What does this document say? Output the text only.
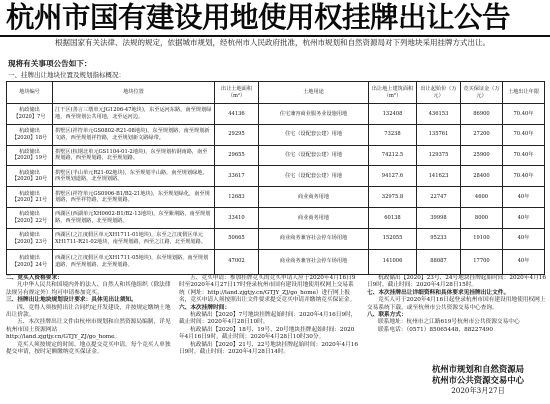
杭州市国有建设用地使用权挂牌出让公告
根据国家有关法律、法规的规定，依据城市规划，经杭州市人民政府批准，杭州市规划和自然资源局对下列地块采用挂牌方式出让。
现将有关事项公告如下：
一、挂牌出让地块位置及规划指标概况：
地块编号	地块位置	出让土地面积（m²）	土地用途	出让地上建筑面积（m²）	出让起始价（万元）	竞买保证金（万元）	土地出让年限
杭政储出【2020】7号	江干区(善言三墩单元JG1206-47地块)，东至运河东路，南至规划绿地，西至规划公共用地，北至运河边。	44136	住宅兼容商业服务业设施用地	132408	436153	86900	70.40年
杭政储出【2020】18号	拱墅区(祥符单元GS0802-R21-08地块)，东至规划路，南至规划新文路，西至规划祥符路，北至规划新文路绿带。	29295	住宅（设配套公建）用地	73238	135761	27200	70.40年
杭政储出【2020】19号	拱墅区(杭钢北单元GS1104-01-2地块)，东至规划杭钢南路，南至规划路，西至规划路，北至规划路。	29655	住宅（设配套公建）用地	74212.5	129375	25900	70.40年
杭政储出【2020】20号	拱墅区(半山单元R21-02地块)，东至规划半山路，南至规划绿地，西至规划道路，北至规划路。	33617	住宅（设配套公建）用地	94127.6	141623	28400	70.40年
杭政储出【2020】21号	拱墅区(祥符单元GS0906-B1/B2-21地块)，东至规划绿化，南至规划路，西至祥符路，北至规划路。	12683	商业商务用地	32975.8	22747	4600	40年
杭政储出【2020】22号	西湖区(西湖单元XH0602-B1/B2-13地块)，东至紫荆路，南至规划路，西至规划路，北至规划路。	33410	商业商务用地	60138	39998	8000	40年
杭政储出【2020】23号	西湖区(之江度假区单元XH1711-01地块)，东至之江度假区单元XH1711-R21-02地块，南至规划路，西至之江路，北至规划路。	50665	商业商务兼容社会停车场用地	152055	95233	19100	40年
杭政储出【2020】24号	西湖区(之江度假区单元XH1711-05地块)，东至规划路，南至规划道路，西至规划路，北至规划路。	47002	商业商务兼容社会停车场用地	141006	88087	17700	40年

二、竞买人资格要求：

凡中华人民共和国境内外的法人、自然人和其他组织（除法律法规另有规定外）均可申请参加竞买。

三、挂牌出让地块规划设计要求：具体见出让须知。

四、竞得人须按照出让合同约定开发建设，并按规定缴纳土地出让价款。

五、本次挂牌出让文件由杭州市规划和自然资源局编制，详见杭州市国土资源网站http://land.zjgtjy.cn/GTJY_ZJ/go_home。

竞买人须按规定的时间、地点提交竞买申请，每个竞买人单独提交申请，按时足额缴纳竞买保证金。

五、竞买申请：参加挂牌竞买的竞买申请人应于2020年4月16日9时至2020年4月27日17时登录杭州市国有建设用地使用权网上交易系统（网址：http://land.zjgtjy.cn/GTJY_ZJ/go_home）进行网上报名，竞买申请人须按照出让文件要求提交竞买申请并缴纳竞买保证金。

六、本次挂牌时间：

杭政储出【2020】7号地块挂牌起始时间：2020年4月16日9时，截止时间：2020年4月28日10时。

杭政储出【2020】18号、19号、20号地块挂牌起始时间：2020年4月16日9时，截止时间：2020年4月28日10时30分。

杭政储出【2020】21号、22号地块挂牌起始时间：2020年4月16日9时，截止时间：2020年4月28日14时。

杭政储出【2020】23号、24号地块挂牌起始时间：2020年4月16日9时，截止时间：2020年4月28日15时。

七、本次挂牌出让详细资料和具体要求见挂牌出让文件。

竞买人可于2020年4月16日起登录杭州市国有建设用地使用权网上交易系统下载，或至杭州市公共资源交易中心查询。

八、联系方式：

联系地址：杭州市之江路619号杭州市公共资源交易中心

联系电话：（0571）85065448，88227490

杭州市规划和自然资源局
杭州市公共资源交易中心
2020年3月27日
